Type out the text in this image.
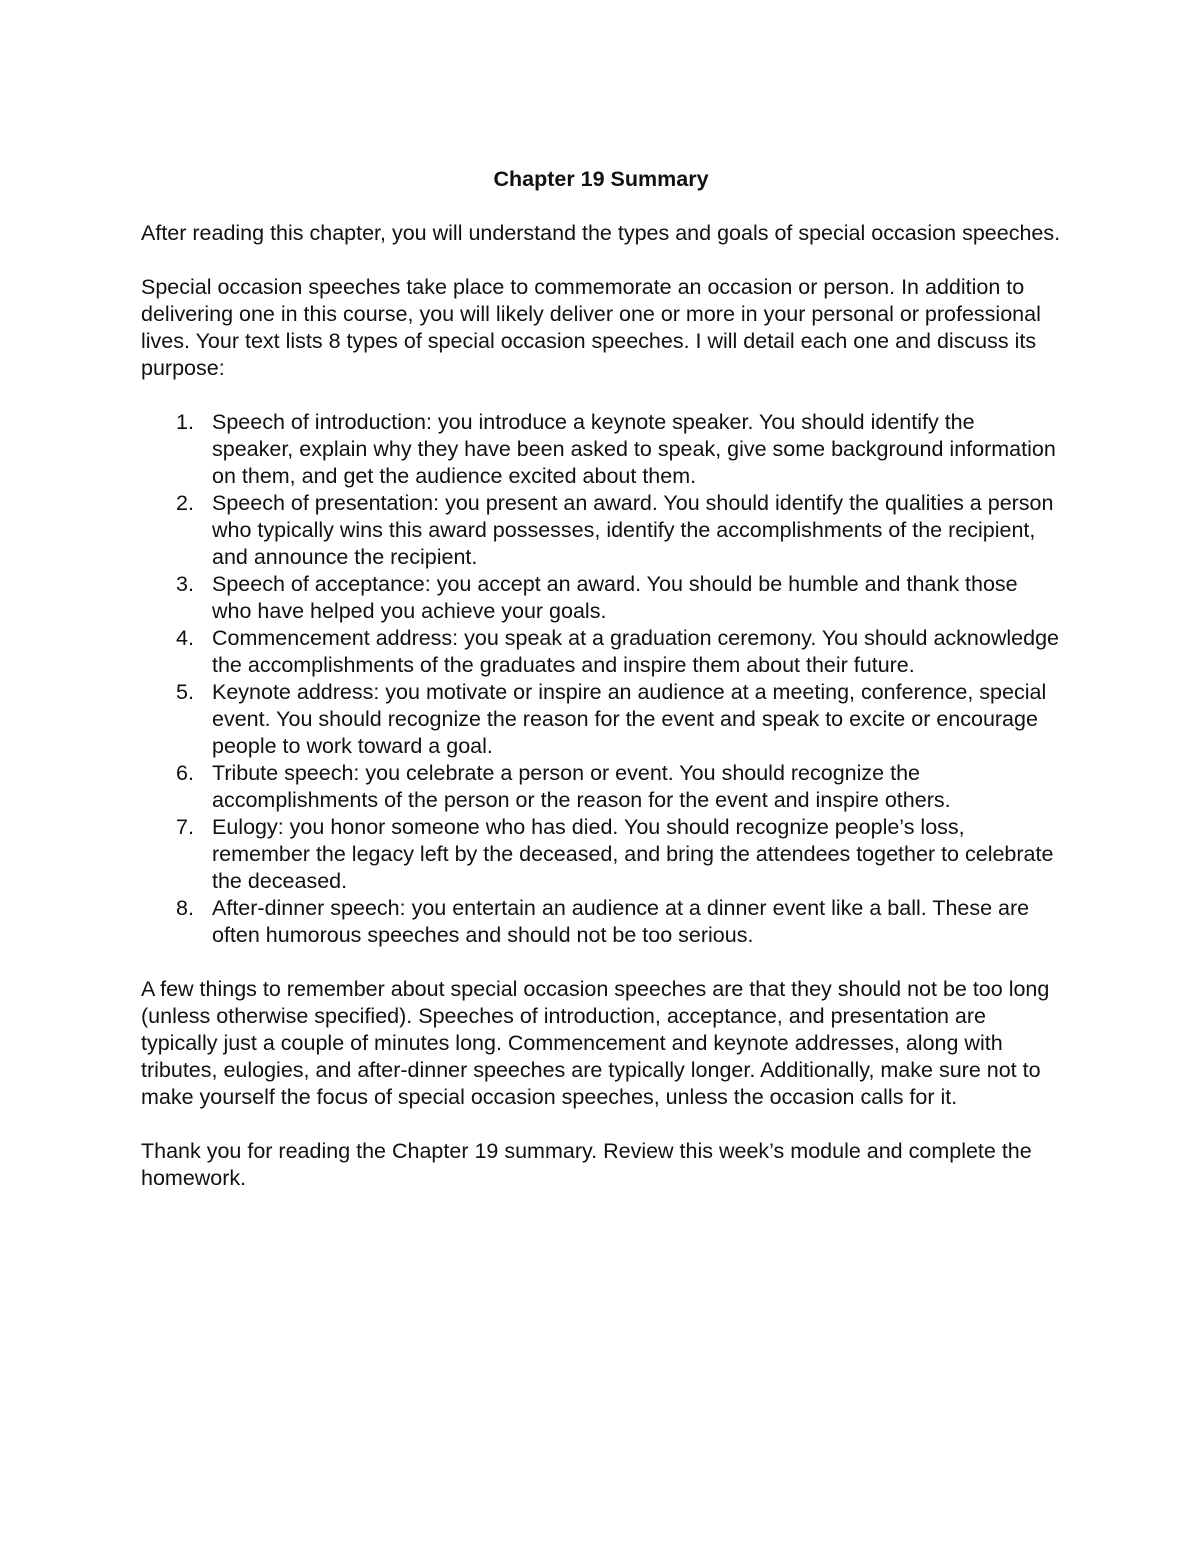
Chapter 19 Summary

After reading this chapter, you will understand the types and goals of special occasion speeches.

Special occasion speeches take place to commemorate an occasion or person. In addition to delivering one in this course, you will likely deliver one or more in your personal or professional lives. Your text lists 8 types of special occasion speeches. I will detail each one and discuss its purpose:

1. Speech of introduction: you introduce a keynote speaker. You should identify the speaker, explain why they have been asked to speak, give some background information on them, and get the audience excited about them.
2. Speech of presentation: you present an award. You should identify the qualities a person who typically wins this award possesses, identify the accomplishments of the recipient, and announce the recipient.
3. Speech of acceptance: you accept an award. You should be humble and thank those who have helped you achieve your goals.
4. Commencement address: you speak at a graduation ceremony. You should acknowledge the accomplishments of the graduates and inspire them about their future.
5. Keynote address: you motivate or inspire an audience at a meeting, conference, special event. You should recognize the reason for the event and speak to excite or encourage people to work toward a goal.
6. Tribute speech: you celebrate a person or event. You should recognize the accomplishments of the person or the reason for the event and inspire others.
7. Eulogy: you honor someone who has died. You should recognize people’s loss, remember the legacy left by the deceased, and bring the attendees together to celebrate the deceased.
8. After-dinner speech: you entertain an audience at a dinner event like a ball. These are often humorous speeches and should not be too serious.

A few things to remember about special occasion speeches are that they should not be too long (unless otherwise specified). Speeches of introduction, acceptance, and presentation are typically just a couple of minutes long. Commencement and keynote addresses, along with tributes, eulogies, and after-dinner speeches are typically longer. Additionally, make sure not to make yourself the focus of special occasion speeches, unless the occasion calls for it.

Thank you for reading the Chapter 19 summary. Review this week’s module and complete the homework.
